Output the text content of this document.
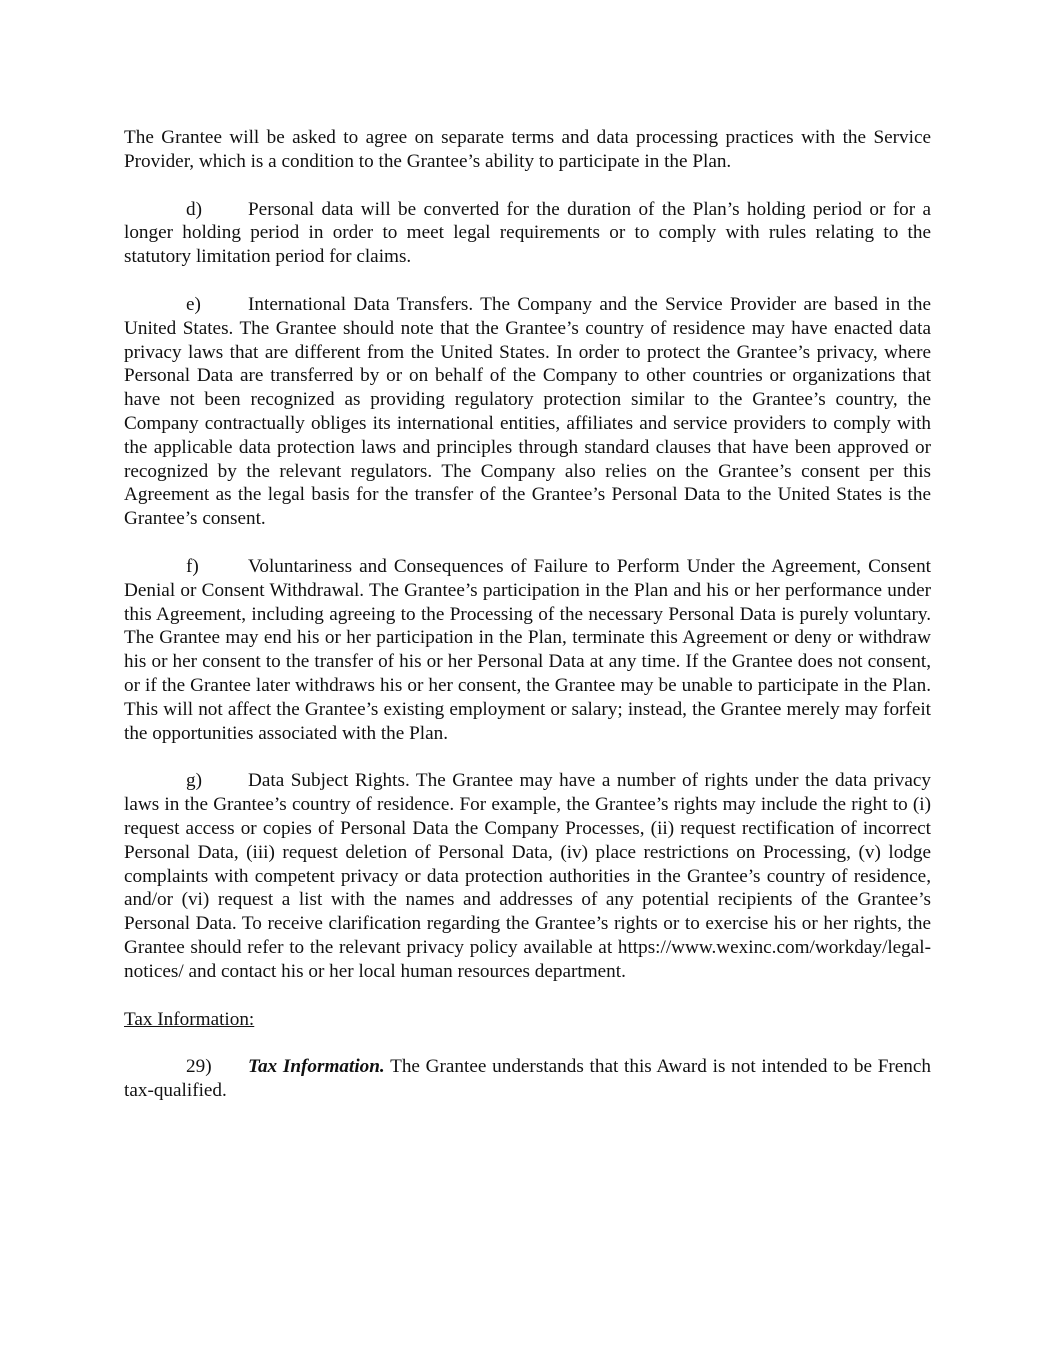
The Grantee will be asked to agree on separate terms and data processing practices with the Service Provider, which is a condition to the Grantee’s ability to participate in the Plan.

d) Personal data will be converted for the duration of the Plan’s holding period or for a longer holding period in order to meet legal requirements or to comply with rules relating to the statutory limitation period for claims.

e) International Data Transfers. The Company and the Service Provider are based in the United States. The Grantee should note that the Grantee’s country of residence may have enacted data privacy laws that are different from the United States. In order to protect the Grantee’s privacy, where Personal Data are transferred by or on behalf of the Company to other countries or organizations that have not been recognized as providing regulatory protection similar to the Grantee’s country, the Company contractually obliges its international entities, affiliates and service providers to comply with the applicable data protection laws and principles through standard clauses that have been approved or recognized by the relevant regulators. The Company also relies on the Grantee’s consent per this Agreement as the legal basis for the transfer of the Grantee’s Personal Data to the United States is the Grantee’s consent.

f)	Voluntariness and Consequences of Failure to Perform Under the Agreement, Consent Denial or Consent Withdrawal. The Grantee’s participation in the Plan and his or her performance under this Agreement, including agreeing to the Processing of the necessary Personal Data is purely voluntary. The Grantee may end his or her participation in the Plan, terminate this Agreement or deny or withdraw his or her consent to the transfer of his or her Personal Data at any time. If the Grantee does not consent, or if the Grantee later withdraws his or her consent, the Grantee may be unable to participate in the Plan. This will not affect the Grantee’s existing employment or salary; instead, the Grantee merely may forfeit the opportunities associated with the Plan.

g) Data Subject Rights. The Grantee may have a number of rights under the data privacy laws in the Grantee’s country of residence. For example, the Grantee’s rights may include the right to (i) request access or copies of Personal Data the Company Processes, (ii) request rectification of incorrect Personal Data, (iii) request deletion of Personal Data, (iv) place restrictions on Processing, (v) lodge complaints with competent privacy or data protection authorities in the Grantee’s country of residence, and/or (vi) request a list with the names and addresses of any potential recipients of the Grantee’s Personal Data. To receive clarification regarding the Grantee’s rights or to exercise his or her rights, the Grantee should refer to the relevant privacy policy available at https://www.wexinc.com/workday/legal-notices/ and contact his or her local human resources department.

Tax Information:

29) Tax Information. The Grantee understands that this Award is not intended to be French tax-qualified.
